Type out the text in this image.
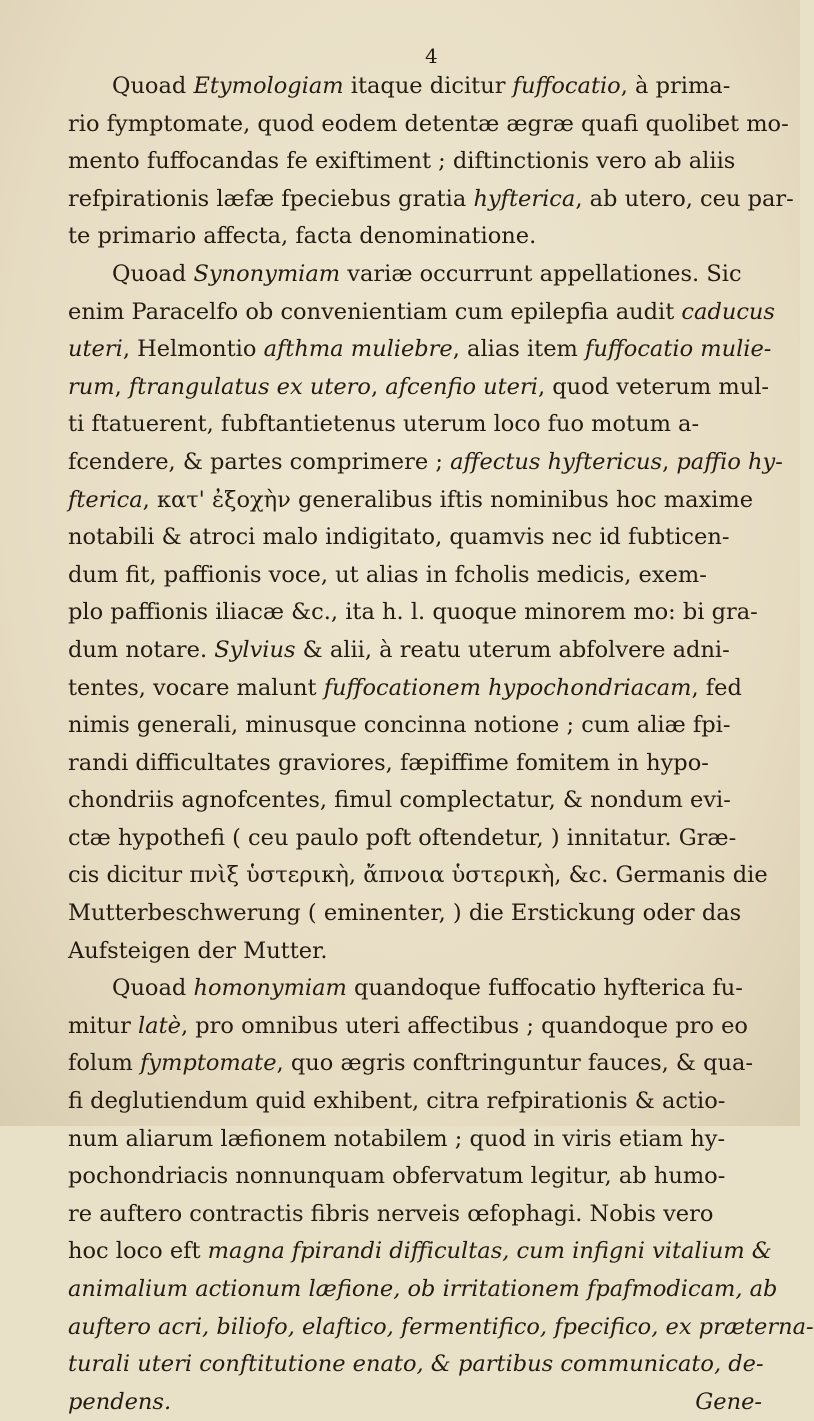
4

Quoad Etymologiam itaque dicitur fuffocatio, à prima-

rio fymptomate, quod eodem detentæ ægræ quafi quolibet mo-

mento fuffocandas fe exiftiment ; diftinctionis vero ab aliis

refpirationis læfæ fpeciebus gratia hyfterica, ab utero, ceu par-

te primario affecta, facta denominatione.

Quoad Synonymiam variæ occurrunt appellationes. Sic

enim Paracelfo ob convenientiam cum epilepfia audit caducus

uteri, Helmontio afthma muliebre, alias item fuffocatio mulie-

rum, ftrangulatus ex utero, afcenfio uteri, quod veterum mul-

ti ftatuerent, fubftantietenus uterum loco fuo motum a-

fcendere, & partes comprimere ; affectus hyftericus, paffio hy-

fterica, κατ' ἐξοχὴν generalibus iftis nominibus hoc maxime

notabili & atroci malo indigitato, quamvis nec id fubticen-

dum fit, paffionis voce, ut alias in fcholis medicis, exem-

plo paffionis iliacæ &c., ita h. l. quoque minorem mo: bi gra-

dum notare. Sylvius & alii, à reatu uterum abfolvere adni-

tentes, vocare malunt fuffocationem hypochondriacam, fed

nimis generali, minusque concinna notione ; cum aliæ fpi-

randi difficultates graviores, fæpiffime fomitem in hypo-

chondriis agnofcentes, fimul complectatur, & nondum evi-

ctæ hypothefi ( ceu paulo poft oftendetur, ) innitatur. Græ-

cis dicitur πνὶξ ὑστερικὴ, ἄπνοια ὑστερικὴ, &c. Germanis die

Mutterbeschwerung ( eminenter, ) die Erstickung oder das

Aufsteigen der Mutter.

Quoad homonymiam quandoque fuffocatio hyfterica fu-

mitur latè, pro omnibus uteri affectibus ; quandoque pro eo

folum fymptomate, quo ægris conftringuntur fauces, & qua-

fi deglutiendum quid exhibent, citra refpirationis & actio-

num aliarum læfionem notabilem ; quod in viris etiam hy-

pochondriacis nonnunquam obfervatum legitur, ab humo-

re auftero contractis fibris nerveis œfophagi. Nobis vero

hoc loco eft magna fpirandi difficultas, cum infigni vitalium &

animalium actionum læfione, ob irritationem fpafmodicam, ab

auftero acri, biliofo, elaftico, fermentifico, fpecifico, ex præterna-

turali uteri conftitutione enato, & partibus communicato, de-

pendens.	Gene-
